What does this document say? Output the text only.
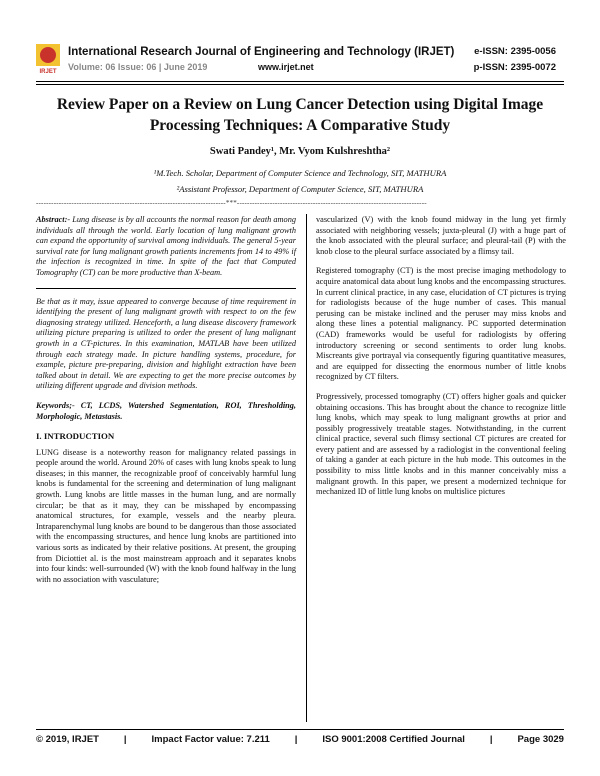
IRJET
International Research Journal of Engineering and Technology (IRJET)
Volume: 06 Issue: 06 | June 2019	www.irjet.net
e-ISSN: 2395-0056
p-ISSN: 2395-0072
Review Paper on a Review on Lung Cancer Detection using Digital Image Processing Techniques: A Comparative Study
Swati Pandey¹, Mr. Vyom Kulshreshtha²
¹M.Tech. Scholar, Department of Computer Science and Technology, SIT, MATHURA
²Assistant Professor, Department of Computer Science, SIT, MATHURA
---------------------------------------------------------------------------***---------------------------------------------------------------------------

Abstract:- Lung disease is by all accounts the normal reason for death among individuals all through the world. Early location of lung malignant growth can expand the opportunity of survival among individuals. The general 5-year survival rate for lung malignant growth patients increments from 14 to 49% if the infection is recognized in time. In spite of the fact that Computed Tomography (CT) can be more productive than X-beam.

Be that as it may, issue appeared to converge because of time requirement in identifying the present of lung malignant growth with respect to on the few diagnosing strategy utilized. Henceforth, a lung disease discovery framework utilizing picture preparing is utilized to order the present of lung malignant growth in a CT-pictures. In this examination, MATLAB have been utilized through each strategy made. In picture handling systems, procedure, for example, picture pre-preparing, division and highlight extraction have been talked about in detail. We are expecting to get the more precise outcomes by utilizing different upgrade and division methods.

Keywords;- CT, LCDS, Watershed Segmentation, ROI, Thresholding, Morphologic, Metastasis.

I. INTRODUCTION

LUNG disease is a noteworthy reason for malignancy related passings in people around the world. Around 20% of cases with lung knobs speak to lung diseases; in this manner, the recognizable proof of conceivably harmful lung knobs is fundamental for the screening and determination of lung malignant growth. Lung knobs are little masses in the human lung, and are normally circular; be that as it may, they can be misshaped by encompassing anatomical structures, for example, vessels and the nearby pleura. Intraparenchymal lung knobs are bound to be dangerous than those associated with the encompassing structures, and hence lung knobs are partitioned into various sorts as indicated by their relative positions. At present, the grouping from Diciottiet al. is the most mainstream approach and it separates knobs into four kinds: well-surrounded (W) with the knob found halfway in the lung with no association with vasculature;

vascularized (V) with the knob found midway in the lung yet firmly associated with neighboring vessels; juxta-pleural (J) with a huge part of the knob associated with the pleural surface; and pleural-tail (P) with the knob close to the pleural surface associated by a flimsy tail.

Registered tomography (CT) is the most precise imaging methodology to acquire anatomical data about lung knobs and the encompassing structures. In current clinical practice, in any case, elucidation of CT pictures is trying for radiologists because of the huge number of cases. This manual perusing can be mistake inclined and the peruser may miss knobs and along these lines a potential malignancy. PC supported determination (CAD) frameworks would be useful for radiologists by offering introductory screening or second sentiments to order lung knobs. Miscreants give portrayal via consequently figuring quantitative measures, and are equipped for dissecting the enormous number of little knobs recognized by CT filters.

Progressively, processed tomography (CT) offers higher goals and quicker obtaining occasions. This has brought about the chance to recognize little lung knobs, which may speak to lung malignant growths at prior and possibly progressively treatable stages. Notwithstanding, in the current clinical practice, several such flimsy sectional CT pictures are created for every patient and are assessed by a radiologist in the conventional feeling of taking a gander at each picture in the hub mode. This outcomes in the possibility to miss little knobs and in this manner conceivably miss a malignant growth. In this paper, we present a modernized technique for mechanized ID of little lung knobs on multislice pictures

© 2019, IRJET	|	Impact Factor value: 7.211	|	ISO 9001:2008 Certified Journal	|	Page 3029
